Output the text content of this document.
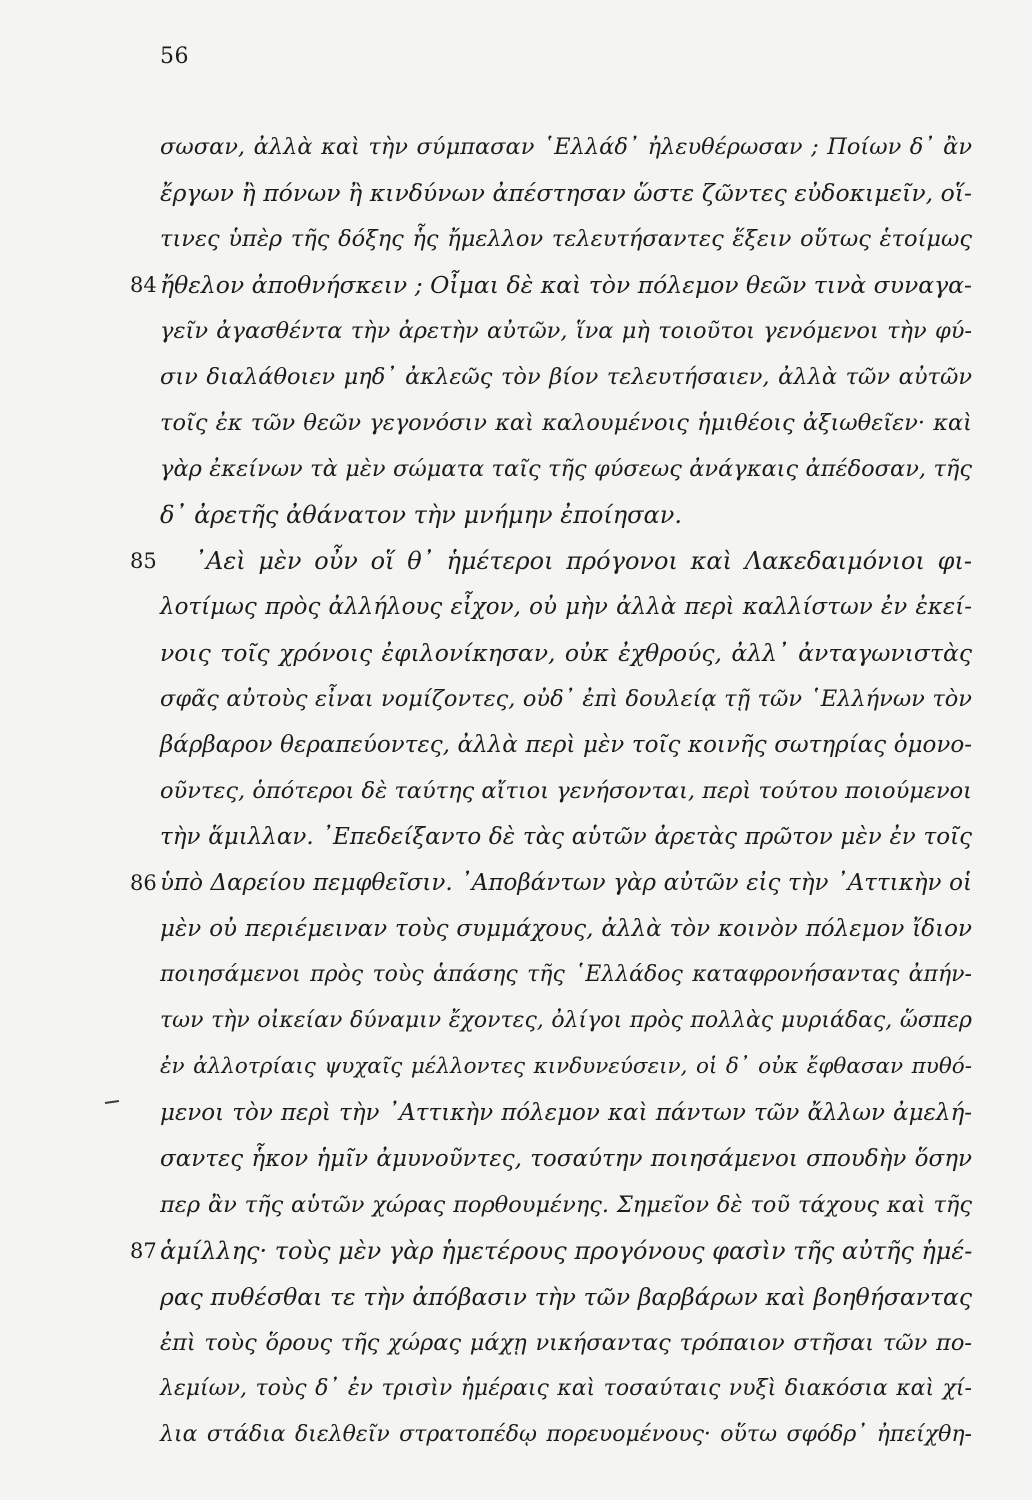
56
σωσαν, ἀλλὰ καὶ τὴν σύμπασαν ῾Ελλάδ᾿ ἠλευθέρωσαν ; Ποίων δ᾿ ἂν
ἔργων ἢ πόνων ἢ κινδύνων ἀπέστησαν ὥστε ζῶντες εὐδοκιμεῖν, οἵ-
τινες ὑπὲρ τῆς δόξης ἧς ἤμελλον τελευτήσαντες ἕξειν οὕτως ἑτοίμως
84 ἤθελον ἀποθνήσκειν ; Οἶμαι δὲ καὶ τὸν πόλεμον θεῶν τινὰ συναγα-
γεῖν ἀγασθέντα τὴν ἀρετὴν αὐτῶν, ἵνα μὴ τοιοῦτοι γενόμενοι τὴν φύ-
σιν διαλάθοιεν μηδ᾿ ἀκλεῶς τὸν βίον τελευτήσαιεν, ἀλλὰ τῶν αὐτῶν
τοῖς ἐκ τῶν θεῶν γεγονόσιν καὶ καλουμένοις ἡμιθέοις ἀξιωθεῖεν· καὶ
γὰρ ἐκείνων τὰ μὲν σώματα ταῖς τῆς φύσεως ἀνάγκαις ἀπέδοσαν, τῆς
δ᾿ ἀρετῆς ἀθάνατον τὴν μνήμην ἐποίησαν.
85 ᾿Αεὶ μὲν οὖν οἵ θ᾿ ἡμέτεροι πρόγονοι καὶ Λακεδαιμόνιοι φι-
λοτίμως πρὸς ἀλλήλους εἶχον, οὐ μὴν ἀλλὰ περὶ καλλίστων ἐν ἐκεί-
νοις τοῖς χρόνοις ἐφιλονίκησαν, οὐκ ἐχθρούς, ἀλλ᾿ ἀνταγωνιστὰς
σφᾶς αὐτοὺς εἶναι νομίζοντες, οὐδ᾿ ἐπὶ δουλείᾳ τῇ τῶν ῾Ελλήνων τὸν
βάρβαρον θεραπεύοντες, ἀλλὰ περὶ μὲν τοῖς κοινῆς σωτηρίας ὁμονο-
οῦντες, ὁπότεροι δὲ ταύτης αἴτιοι γενήσονται, περὶ τούτου ποιούμενοι
τὴν ἅμιλλαν. ᾿Επεδείξαντο δὲ τὰς αὑτῶν ἀρετὰς πρῶτον μὲν ἐν τοῖς
86 ὑπὸ Δαρείου πεμφθεῖσιν. ᾿Αποβάντων γὰρ αὐτῶν εἰς τὴν ᾿Αττικὴν οἱ
μὲν οὐ περιέμειναν τοὺς συμμάχους, ἀλλὰ τὸν κοινὸν πόλεμον ἴδιον
ποιησάμενοι πρὸς τοὺς ἁπάσης τῆς ῾Ελλάδος καταφρονήσαντας ἀπήν-
των τὴν οἰκείαν δύναμιν ἔχοντες, ὀλίγοι πρὸς πολλὰς μυριάδας, ὥσπερ
ἐν ἀλλοτρίαις ψυχαῖς μέλλοντες κινδυνεύσειν, οἱ δ᾿ οὐκ ἔφθασαν πυθό-
μενοι τὸν περὶ τὴν ᾿Αττικὴν πόλεμον καὶ πάντων τῶν ἄλλων ἀμελή-
σαντες ἧκον ἡμῖν ἀμυνοῦντες, τοσαύτην ποιησάμενοι σπουδὴν ὅσην
περ ἂν τῆς αὑτῶν χώρας πορθουμένης. Σημεῖον δὲ τοῦ τάχους καὶ τῆς
87 ἁμίλλης· τοὺς μὲν γὰρ ἡμετέρους προγόνους φασὶν τῆς αὐτῆς ἡμέ-
ρας πυθέσθαι τε τὴν ἀπόβασιν τὴν τῶν βαρβάρων καὶ βοηθήσαντας
ἐπὶ τοὺς ὅρους τῆς χώρας μάχῃ νικήσαντας τρόπαιον στῆσαι τῶν πο-
λεμίων, τοὺς δ᾿ ἐν τρισὶν ἡμέραις καὶ τοσαύταις νυξὶ διακόσια καὶ χί-
λια στάδια διελθεῖν στρατοπέδῳ πορευομένους· οὕτω σφόδρ᾿ ἠπείχθη-
